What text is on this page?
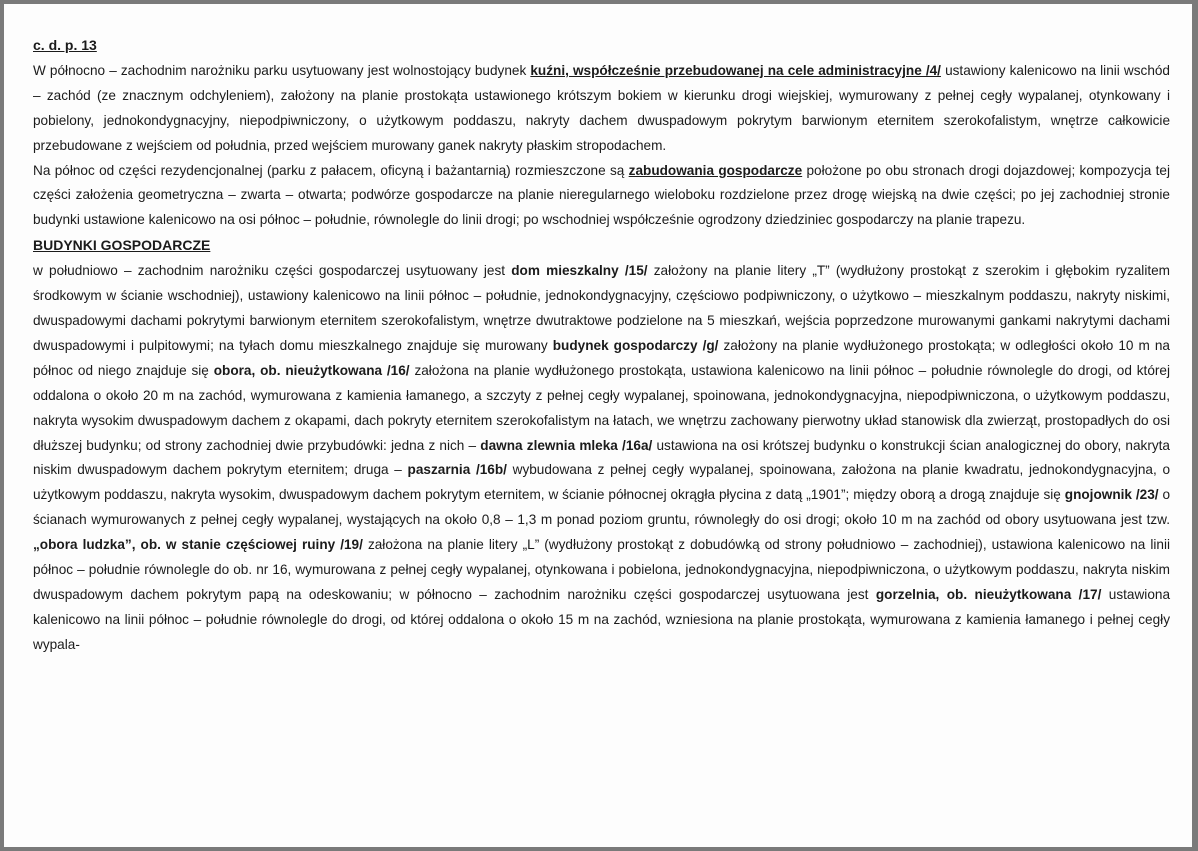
c. d. p. 13

W północno – zachodnim narożniku parku usytuowany jest wolnostojący budynek kuźni, współcześnie przebudowanej na cele administracyjne /4/ ustawiony kalenicowo na linii wschód – zachód (ze znacznym odchyleniem), założony na planie prostokąta ustawionego krótszym bokiem w kierunku drogi wiejskiej, wymurowany z pełnej cegły wypalanej, otynkowany i pobielony, jednokondygnacyjny, niepodpiwniczony, o użytkowym poddaszu, nakryty dachem dwuspadowym pokrytym barwionym eternitem szerokofalistym, wnętrze całkowicie przebudowane z wejściem od południa, przed wejściem murowany ganek nakryty płaskim stropodachem.

Na północ od części rezydencjonalnej (parku z pałacem, oficyną i bażantarnią) rozmieszczone są zabudowania gospodarcze położone po obu stronach drogi dojazdowej; kompozycja tej części założenia geometryczna – zwarta – otwarta; podwórze gospodarcze na planie nieregularnego wieloboku rozdzielone przez drogę wiejską na dwie części; po jej zachodniej stronie budynki ustawione kalenicowo na osi północ – południe, równolegle do linii drogi; po wschodniej współcześnie ogrodzony dziedziniec gospodarczy na planie trapezu.

BUDYNKI GOSPODARCZE

w południowo – zachodnim narożniku części gospodarczej usytuowany jest dom mieszkalny /15/ założony na planie litery „T” (wydłużony prostokąt z szerokim i głębokim ryzalitem środkowym w ścianie wschodniej), ustawiony kalenicowo na linii północ – południe, jednokondygnacyjny, częściowo podpiwniczony, o użytkowo – mieszkalnym poddaszu, nakryty niskimi, dwuspadowymi dachami pokrytymi barwionym eternitem szerokofalistym, wnętrze dwutraktowe podzielone na 5 mieszkań, wejścia poprzedzone murowanymi gankami nakrytymi dachami dwuspadowymi i pulpitowymi; na tyłach domu mieszkalnego znajduje się murowany budynek gospodarczy /g/ założony na planie wydłużonego prostokąta; w odległości około 10 m na północ od niego znajduje się obora, ob. nieużytkowana /16/ założona na planie wydłużonego prostokąta, ustawiona kalenicowo na linii północ – południe równolegle do drogi, od której oddalona o około 20 m na zachód, wymurowana z kamienia łamanego, a szczyty z pełnej cegły wypalanej, spoinowana, jednokondygnacyjna, niepodpiwniczona, o użytkowym poddaszu, nakryta wysokim dwuspadowym dachem z okapami, dach pokryty eternitem szerokofalistym na łatach, we wnętrzu zachowany pierwotny układ stanowisk dla zwierząt, prostopadłych do osi dłuższej budynku; od strony zachodniej dwie przybudówki: jedna z nich – dawna zlewnia mleka /16a/ ustawiona na osi krótszej budynku o konstrukcji ścian analogicznej do obory, nakryta niskim dwuspadowym dachem pokrytym eternitem; druga – paszarnia /16b/ wybudowana z pełnej cegły wypalanej, spoinowana, założona na planie kwadratu, jednokondygnacyjna, o użytkowym poddaszu, nakryta wysokim, dwuspadowym dachem pokrytym eternitem, w ścianie północnej okrągła płycina z datą „1901”; między oborą a drogą znajduje się gnojownik /23/ o ścianach wymurowanych z pełnej cegły wypalanej, wystających na około 0,8 – 1,3 m ponad poziom gruntu, równoległy do osi drogi; około 10 m na zachód od obory usytuowana jest tzw. „obora ludzka”, ob. w stanie częściowej ruiny /19/ założona na planie litery „L” (wydłużony prostokąt z dobudówką od strony południowo – zachodniej), ustawiona kalenicowo na linii północ – południe równolegle do ob. nr 16, wymurowana z pełnej cegły wypalanej, otynkowana i pobielona, jednokondygnacyjna, niepodpiwniczona, o użytkowym poddaszu, nakryta niskim dwuspadowym dachem pokrytym papą na odeskowaniu; w północno – zachodnim narożniku części gospodarczej usytuowana jest gorzelnia, ob. nieużytkowana /17/ ustawiona kalenicowo na linii północ – południe równolegle do drogi, od której oddalona o około 15 m na zachód, wzniesiona na planie prostokąta, wymurowana z kamienia łamanego i pełnej cegły wypala-
